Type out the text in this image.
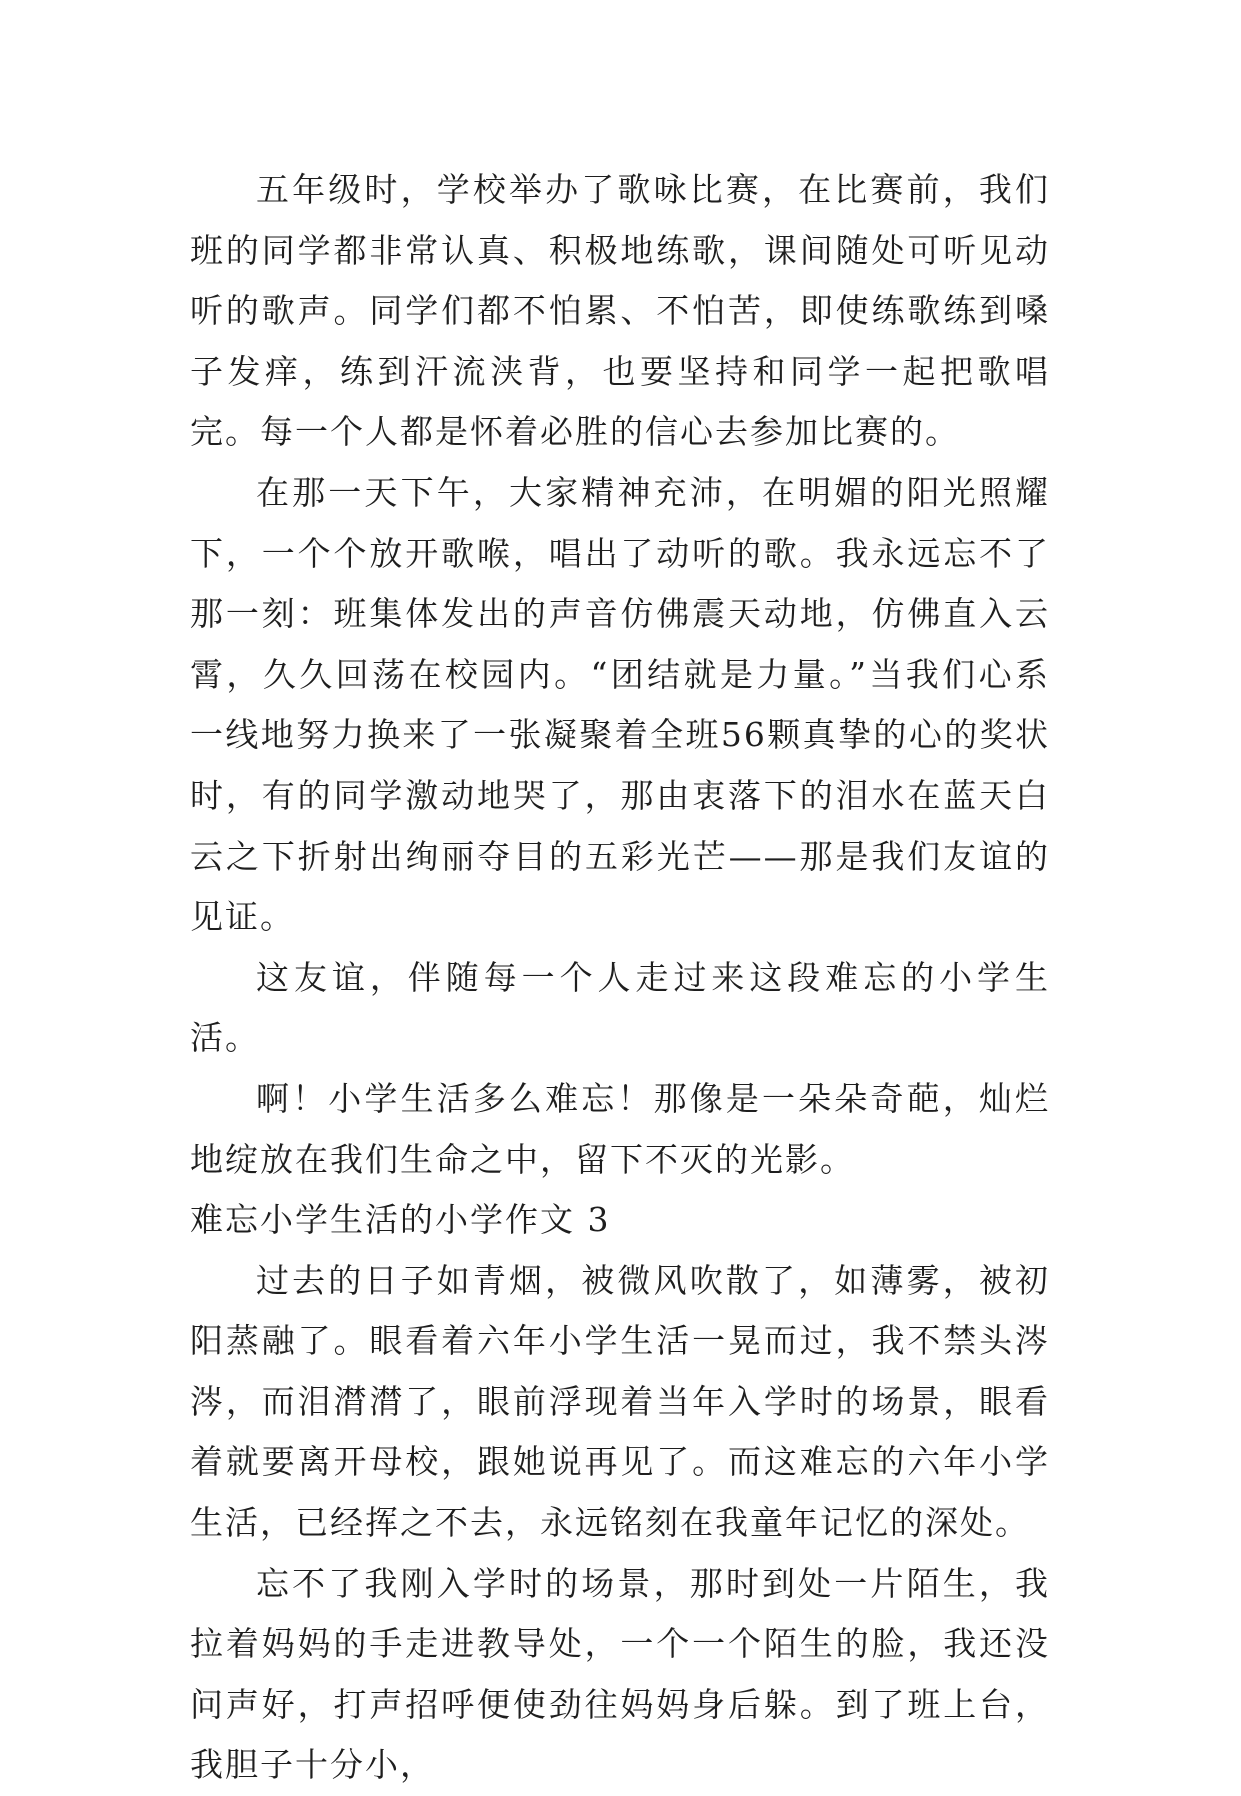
五年级时，学校举办了歌咏比赛，在比赛前，我们班的同学都非常认真、积极地练歌，课间随处可听见动听的歌声。同学们都不怕累、不怕苦，即使练歌练到嗓子发痒，练到汗流浃背，也要坚持和同学一起把歌唱完。每一个人都是怀着必胜的信心去参加比赛的。

在那一天下午，大家精神充沛，在明媚的阳光照耀下，一个个放开歌喉，唱出了动听的歌。我永远忘不了那一刻：班集体发出的声音仿佛震天动地，仿佛直入云霄，久久回荡在校园内。“团结就是力量。”当我们心系一线地努力换来了一张凝聚着全班56颗真挚的心的奖状时，有的同学激动地哭了，那由衷落下的泪水在蓝天白云之下折射出绚丽夺目的五彩光芒——那是我们友谊的见证。

这友谊，伴随每一个人走过来这段难忘的小学生活。

啊！小学生活多么难忘！那像是一朵朵奇葩，灿烂地绽放在我们生命之中，留下不灭的光影。

难忘小学生活的小学作文 3

过去的日子如青烟，被微风吹散了，如薄雾，被初阳蒸融了。眼看着六年小学生活一晃而过，我不禁头涔涔，而泪潸潸了，眼前浮现着当年入学时的场景，眼看着就要离开母校，跟她说再见了。而这难忘的六年小学生活，已经挥之不去，永远铭刻在我童年记忆的深处。

忘不了我刚入学时的场景，那时到处一片陌生，我拉着妈妈的手走进教导处，一个一个陌生的脸，我还没问声好，打声招呼便使劲往妈妈身后躲。到了班上台，我胆子十分小，
